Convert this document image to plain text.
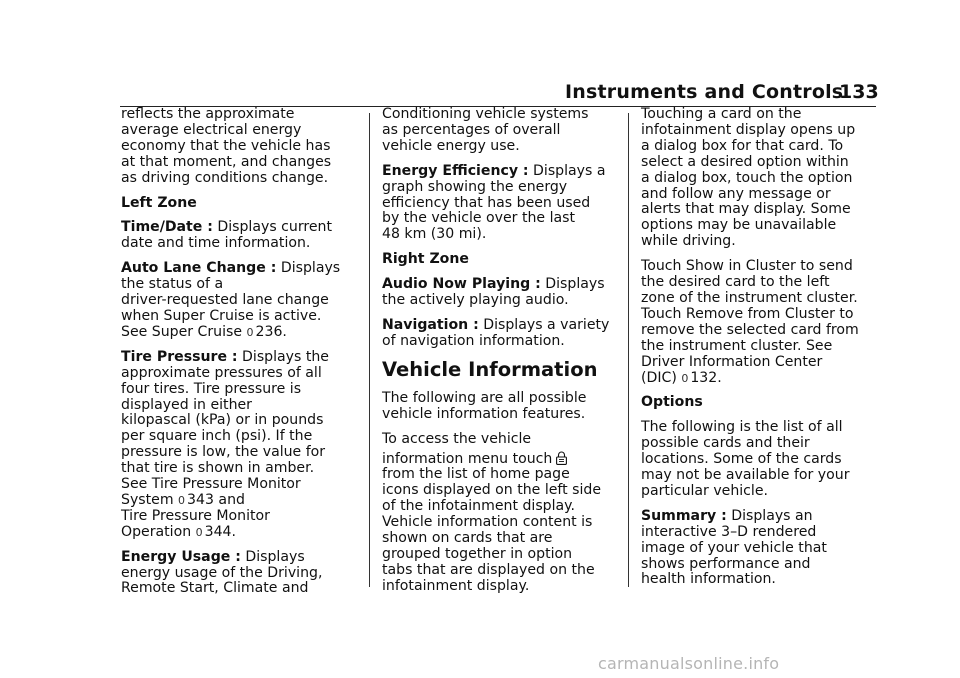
Instruments and Controls
133

reflects the approximate
average electrical energy
economy that the vehicle has
at that moment, and changes
as driving conditions change.

Left Zone

Time/Date : Displays current
date and time information.

Auto Lane Change : Displays
the status of a
driver-requested lane change
when Super Cruise is active.
See Super Cruise 0 236.

Tire Pressure : Displays the
approximate pressures of all
four tires. Tire pressure is
displayed in either
kilopascal (kPa) or in pounds
per square inch (psi). If the
pressure is low, the value for
that tire is shown in amber.
See Tire Pressure Monitor
System 0 343 and
Tire Pressure Monitor
Operation 0 344.

Energy Usage : Displays
energy usage of the Driving,
Remote Start, Climate and

Conditioning vehicle systems
as percentages of overall
vehicle energy use.

Energy Efficiency : Displays a
graph showing the energy
efficiency that has been used
by the vehicle over the last
48 km (30 mi).

Right Zone

Audio Now Playing : Displays
the actively playing audio.

Navigation : Displays a variety
of navigation information.

Vehicle Information

The following are all possible
vehicle information features.

To access the vehicle
information menu touch
from the list of home page
icons displayed on the left side
of the infotainment display.
Vehicle information content is
shown on cards that are
grouped together in option
tabs that are displayed on the
infotainment display.

Touching a card on the
infotainment display opens up
a dialog box for that card. To
select a desired option within
a dialog box, touch the option
and follow any message or
alerts that may display. Some
options may be unavailable
while driving.

Touch Show in Cluster to send
the desired card to the left
zone of the instrument cluster.
Touch Remove from Cluster to
remove the selected card from
the instrument cluster. See
Driver Information Center
(DIC) 0 132.

Options

The following is the list of all
possible cards and their
locations. Some of the cards
may not be available for your
particular vehicle.

Summary : Displays an
interactive 3–D rendered
image of your vehicle that
shows performance and
health information.

carmanualsonline.info
